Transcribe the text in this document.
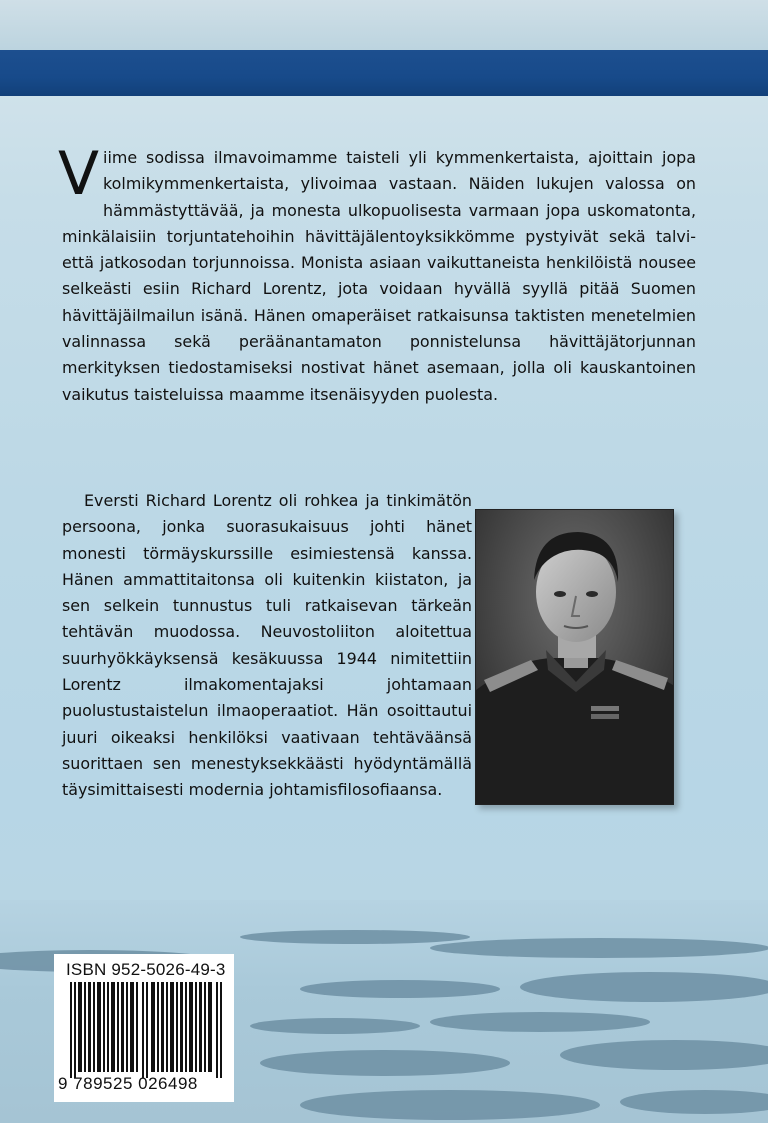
V iime sodissa ilmavoimamme taisteli yli kymmenkertaista, ajoittain jopa kolmikymmenkertaista, ylivoimaa vastaan. Näiden lukujen valossa on hämmästyttävää, ja monesta ulkopuolisesta varmaan jopa uskomatonta, minkälaisiin torjuntatehoihin hävittäjälentoyksikkömme pystyivät sekä talvi- että jatkosodan torjunnoissa. Monista asiaan vaikuttaneista henkilöistä nousee selkeästi esiin Richard Lorentz, jota voidaan hyvällä syyllä pitää Suomen hävittäjäilmailun isänä. Hänen omaperäiset ratkaisunsa taktisten menetelmien valinnassa sekä peräänantamaton ponnistelunsa hävittäjätorjunnan merkityksen tiedostamiseksi nostivat hänet asemaan, jolla oli kauskantoinen vaikutus taisteluissa maamme itsenäisyyden puolesta.

Eversti Richard Lorentz oli rohkea ja tinkimätön persoona, jonka suorasukaisuus johti hänet monesti törmäyskurssille esimiestensä kanssa. Hänen ammattitaitonsa oli kuitenkin kiistaton, ja sen selkein tunnustus tuli ratkaisevan tärkeän tehtävän muodossa. Neuvostoliiton aloitettua suurhyökkäyksensä kesäkuussa 1944 nimitettiin Lorentz ilmakomentajaksi johtamaan puolustustaistelun ilmaoperaatiot. Hän osoittautui juuri oikeaksi henkilöksi vaativaan tehtäväänsä suorittaen sen menestyksekkäästi hyödyntämällä täysimittaisesti modernia johtamisfilosofiaansa.

ISBN 952-5026-49-3
9 789525 026498
